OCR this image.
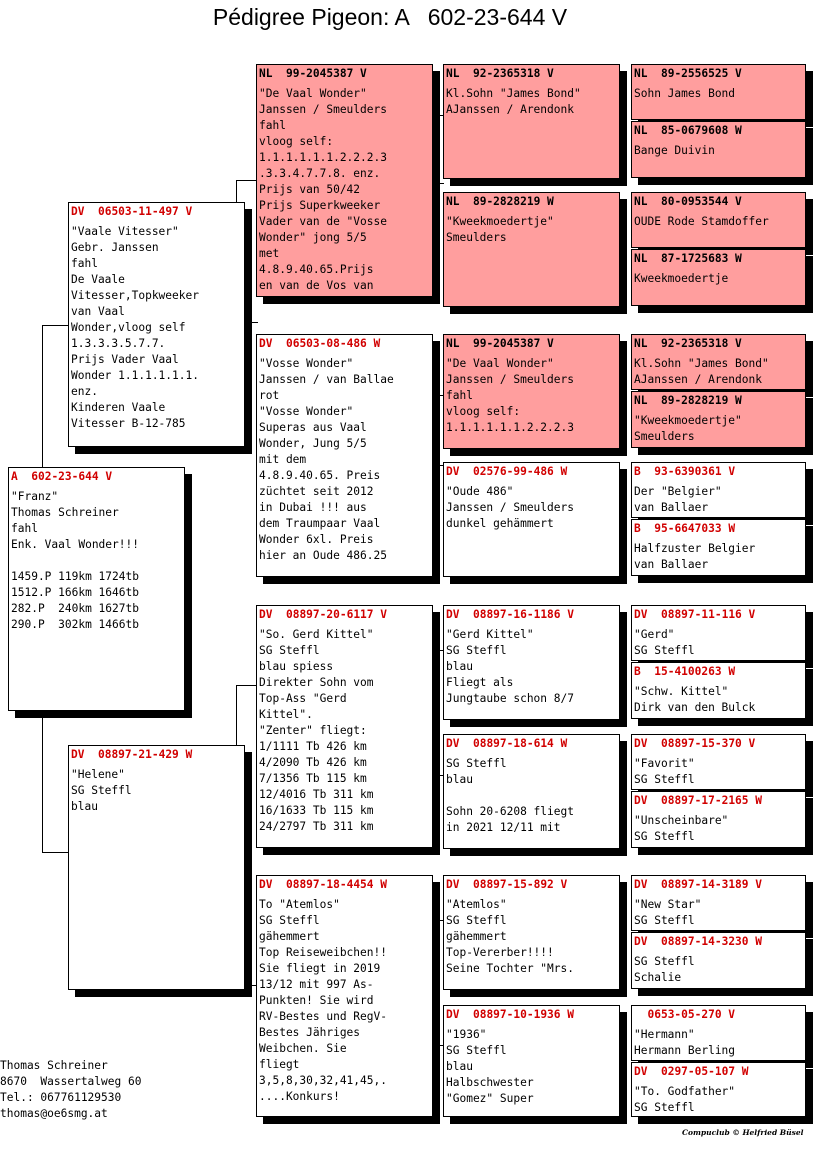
Pédigree Pigeon: A   602-23-644 V
A 602-23-644 V
"Franz"
Thomas Schreiner
fahl
Enk. Vaal Wonder!!!

1459.P 119km 1724tb
1512.P 166km 1646tb
282.P  240km 1627tb
290.P  302km 1466tb
DV 06503-11-497 V
"Vaale Vitesser"
Gebr. Janssen
fahl
De Vaale
Vitesser,Topkweeker
van Vaal
Wonder,vloog self
1.3.3.3.5.7.7.
Prijs Vader Vaal
Wonder 1.1.1.1.1.1.
enz.
Kinderen Vaale
Vitesser B-12-785
DV 08897-21-429 W
"Helene"
SG Steffl
blau
NL 99-2045387 V
"De Vaal Wonder"
Janssen / Smeulders
fahl
vloog self:
1.1.1.1.1.1.2.2.2.3
.3.3.4.7.7.8. enz.
Prijs van 50/42
Prijs Superkweeker
Vader van de "Vosse
Wonder" jong 5/5
met
4.8.9.40.65.Prijs
en van de Vos van
DV 06503-08-486 W
"Vosse Wonder"
Janssen / van Ballae
rot
"Vosse Wonder"
Superas aus Vaal
Wonder, Jung 5/5
mit dem
4.8.9.40.65. Preis
züchtet seit 2012
in Dubai !!! aus
dem Traumpaar Vaal
Wonder 6xl. Preis
hier an Oude 486.25
DV 08897-20-6117 V
"So. Gerd Kittel"
SG Steffl
blau spiess
Direkter Sohn vom
Top-Ass "Gerd
Kittel".
"Zenter" fliegt:
1/1111 Tb 426 km
4/2090 Tb 426 km
7/1356 Tb 115 km
12/4016 Tb 311 km
16/1633 Tb 115 km
24/2797 Tb 311 km
DV 08897-18-4454 W
To "Atemlos"
SG Steffl
gähemmert
Top Reiseweibchen!!
Sie fliegt in 2019
13/12 mit 997 As-
Punkten! Sie wird
RV-Bestes und RegV-
Bestes Jähriges
Weibchen. Sie
fliegt
3,5,8,30,32,41,45,.
....Konkurs!
NL 92-2365318 V
Kl.Sohn "James Bond"
AJanssen / Arendonk
NL 89-2828219 W
"Kweekmoedertje"
Smeulders
NL 99-2045387 V
"De Vaal Wonder"
Janssen / Smeulders
fahl
vloog self:
1.1.1.1.1.1.2.2.2.3
DV 02576-99-486 W
"Oude 486"
Janssen / Smeulders
dunkel gehämmert
DV 08897-16-1186 V
"Gerd Kittel"
SG Steffl
blau
Fliegt als
Jungtaube schon 8/7
DV 08897-18-614 W
SG Steffl
blau

Sohn 20-6208 fliegt
in 2021 12/11 mit
DV 08897-15-892 V
"Atemlos"
SG Steffl
gähemmert
Top-Vererber!!!!
Seine Tochter "Mrs.
DV 08897-10-1936 W
"1936"
SG Steffl
blau
Halbschwester
"Gomez" Super
NL 89-2556525 V
Sohn James Bond
NL 85-0679608 W
Bange Duivin
NL 80-0953544 V
OUDE Rode Stamdoffer
NL 87-1725683 W
Kweekmoedertje
NL 92-2365318 V
Kl.Sohn "James Bond"
AJanssen / Arendonk
NL 89-2828219 W
"Kweekmoedertje"
Smeulders
B 93-6390361 V
Der "Belgier"
van Ballaer
B 95-6647033 W
Halfzuster Belgier
van Ballaer
DV 08897-11-116 V
"Gerd"
SG Steffl
B 15-4100263 W
"Schw. Kittel"
Dirk van den Bulck
DV 08897-15-370 V
"Favorit"
SG Steffl
DV 08897-17-2165 W
"Unscheinbare"
SG Steffl
DV 08897-14-3189 V
"New Star"
SG Steffl
DV 08897-14-3230 W
SG Steffl
Schalie
0653-05-270 V
"Hermann"
Hermann Berling
DV 0297-05-107 W
"To. Godfather"
SG Steffl
Thomas Schreiner
8670  Wassertalweg 60
Tel.: 067761129530
thomas@oe6smg.at
Compuclub © Helfried Büsel
